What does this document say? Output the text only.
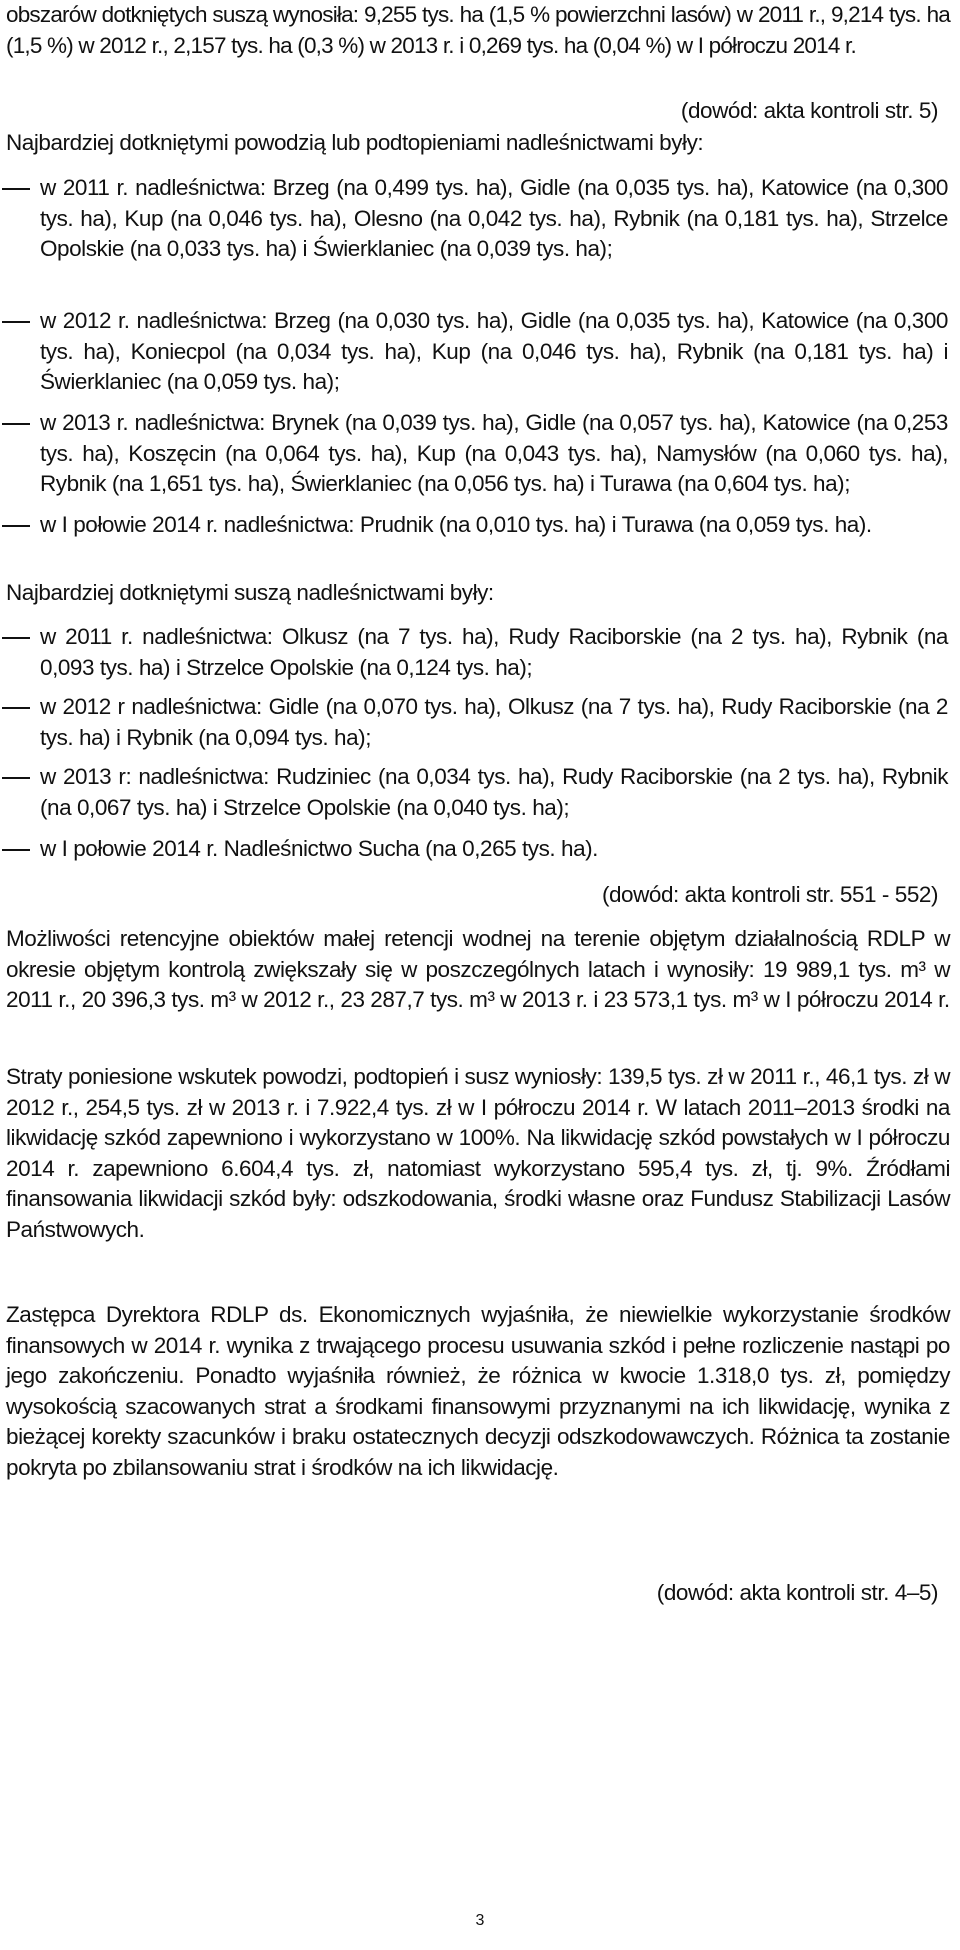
obszarów dotkniętych suszą wynosiła: 9,255 tys. ha (1,5 % powierzchni lasów) w 2011 r., 9,214 tys. ha (1,5 %) w 2012 r., 2,157 tys. ha (0,3 %) w 2013 r. i 0,269 tys. ha (0,04 %) w I półroczu 2014 r.

(dowód: akta kontroli str. 5)

Najbardziej dotkniętymi powodzią lub podtopieniami nadleśnictwami były:

w 2011 r. nadleśnictwa: Brzeg (na 0,499 tys. ha), Gidle (na 0,035 tys. ha), Katowice (na 0,300 tys. ha), Kup (na 0,046 tys. ha), Olesno (na 0,042 tys. ha), Rybnik (na 0,181 tys. ha), Strzelce Opolskie (na 0,033 tys. ha) i Świerklaniec (na 0,039 tys. ha);

w 2012 r. nadleśnictwa: Brzeg (na 0,030 tys. ha), Gidle (na 0,035 tys. ha), Katowice (na 0,300 tys. ha), Koniecpol (na 0,034 tys. ha), Kup (na 0,046 tys. ha), Rybnik (na 0,181 tys. ha) i Świerklaniec (na 0,059 tys. ha);

w 2013 r. nadleśnictwa: Brynek (na 0,039 tys. ha), Gidle (na 0,057 tys. ha), Katowice (na 0,253 tys. ha), Koszęcin (na 0,064 tys. ha), Kup (na 0,043 tys. ha), Namysłów (na 0,060 tys. ha), Rybnik (na 1,651 tys. ha), Świerklaniec (na 0,056 tys. ha) i Turawa (na 0,604 tys. ha);

w I połowie 2014 r. nadleśnictwa: Prudnik (na 0,010 tys. ha) i Turawa (na 0,059 tys. ha).

Najbardziej dotkniętymi suszą nadleśnictwami były:

w 2011 r. nadleśnictwa: Olkusz (na 7 tys. ha), Rudy Raciborskie (na 2 tys. ha), Rybnik (na 0,093 tys. ha) i Strzelce Opolskie (na 0,124 tys. ha);

w 2012 r nadleśnictwa: Gidle (na 0,070 tys. ha), Olkusz (na 7 tys. ha), Rudy Raciborskie (na 2 tys. ha) i Rybnik (na 0,094 tys. ha);

w 2013 r: nadleśnictwa: Rudziniec (na 0,034 tys. ha), Rudy Raciborskie (na 2 tys. ha), Rybnik (na 0,067 tys. ha) i Strzelce Opolskie (na 0,040 tys. ha);

w I połowie 2014 r. Nadleśnictwo Sucha (na 0,265 tys. ha).

(dowód: akta kontroli str. 551 - 552)

Możliwości retencyjne obiektów małej retencji wodnej na terenie objętym działalnością RDLP w okresie objętym kontrolą zwiększały się w poszczególnych latach i wynosiły: 19 989,1 tys. m³ w 2011 r., 20 396,3 tys. m³ w 2012 r., 23 287,7 tys. m³ w 2013 r. i 23 573,1 tys. m³ w I półroczu 2014 r.

Straty poniesione wskutek powodzi, podtopień i susz wyniosły: 139,5 tys. zł w 2011 r., 46,1 tys. zł w 2012 r., 254,5 tys. zł w 2013 r. i 7.922,4 tys. zł w I półroczu 2014 r. W latach 2011–2013 środki na likwidację szkód zapewniono i wykorzystano w 100%. Na likwidację szkód powstałych w I półroczu 2014 r. zapewniono 6.604,4 tys. zł, natomiast wykorzystano 595,4 tys. zł, tj. 9%. Źródłami finansowania likwidacji szkód były: odszkodowania, środki własne oraz Fundusz Stabilizacji Lasów Państwowych.

Zastępca Dyrektora RDLP ds. Ekonomicznych wyjaśniła, że niewielkie wykorzystanie środków finansowych w 2014 r. wynika z trwającego procesu usuwania szkód i pełne rozliczenie nastąpi po jego zakończeniu. Ponadto wyjaśniła również, że różnica w kwocie 1.318,0 tys. zł, pomiędzy wysokością szacowanych strat a środkami finansowymi przyznanymi na ich likwidację, wynika z bieżącej korekty szacunków i braku ostatecznych decyzji odszkodowawczych. Różnica ta zostanie pokryta po zbilansowaniu strat i środków na ich likwidację.

(dowód: akta kontroli str. 4–5)

3
